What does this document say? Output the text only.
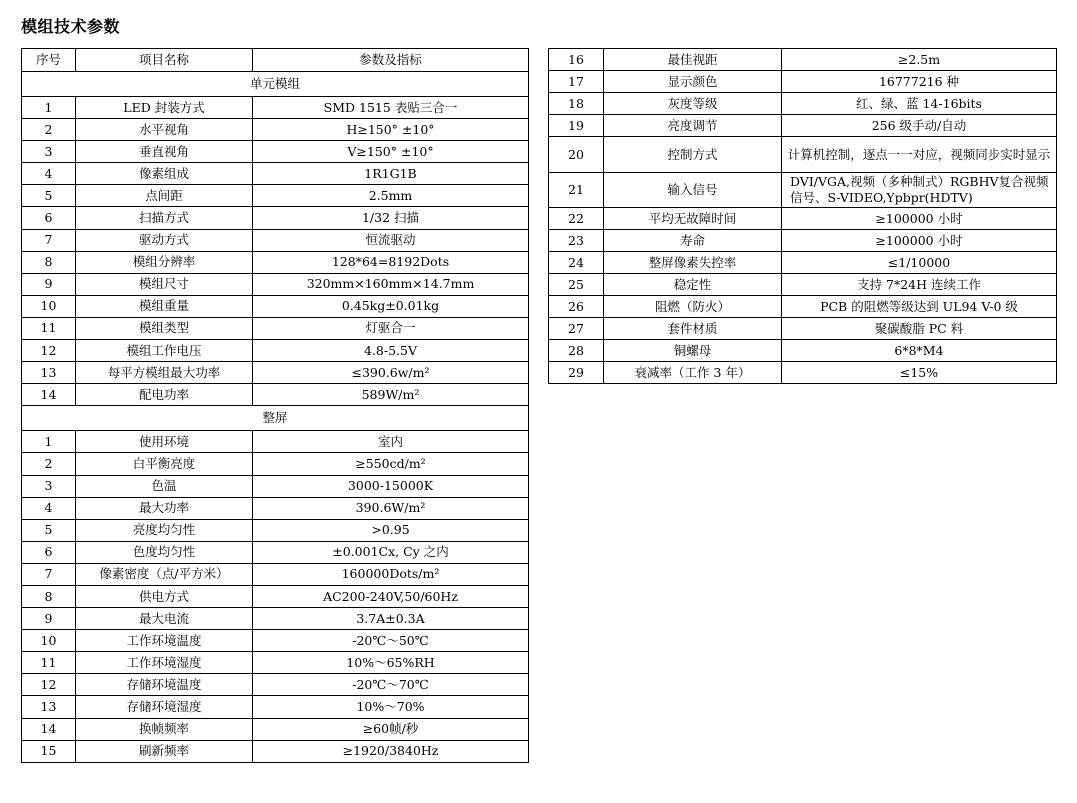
模组技术参数
序号	项目名称	参数及指标
单元模组		
1	LED 封装方式	SMD 1515 表贴三合一
2	水平视角	H≥150° ±10°
3	垂直视角	V≥150° ±10°
4	像素组成	1R1G1B
5	点间距	2.5mm
6	扫描方式	1/32 扫描
7	驱动方式	恒流驱动
8	模组分辨率	128*64=8192Dots
9	模组尺寸	320mm×160mm×14.7mm
10	模组重量	0.45kg±0.01kg
11	模组类型	灯驱合一
12	模组工作电压	4.8-5.5V
13	每平方模组最大功率	≤390.6w/m²
14	配电功率	589W/m²
整屏		
1	使用环境	室内
2	白平衡亮度	≥550cd/m²
3	色温	3000-15000K
4	最大功率	390.6W/m²
5	亮度均匀性	>0.95
6	色度均匀性	±0.001Cx, Cy 之内
7	像素密度（点/平方米）	160000Dots/m²
8	供电方式	AC200-240V,50/60Hz
9	最大电流	3.7A±0.3A
10	工作环境温度	-20℃～50℃
11	工作环境湿度	10%～65%RH
12	存储环境温度	-20℃～70℃
13	存储环境湿度	10%～70%
14	换帧频率	≥60帧/秒
15	刷新频率	≥1920/3840Hz
16	最佳视距	≥2.5m
17	显示颜色	16777216 种
18	灰度等级	红、绿、蓝 14-16bits
19	亮度调节	256 级手动/自动
20	控制方式	计算机控制，逐点一一对应，视频同步实时显示
21	输入信号	DVI/VGA,视频（多种制式）RGBHV复合视频信号、S-VIDEO,Ypbpr(HDTV)
22	平均无故障时间	≥100000 小时
23	寿命	≥100000 小时
24	整屏像素失控率	≤1/10000
25	稳定性	支持 7*24H 连续工作
26	阻燃（防火）	PCB 的阻燃等级达到 UL94 V-0 级
27	套件材质	聚碳酸脂 PC 料
28	铜螺母	6*8*M4
29	衰减率（工作 3 年）	≤15%
